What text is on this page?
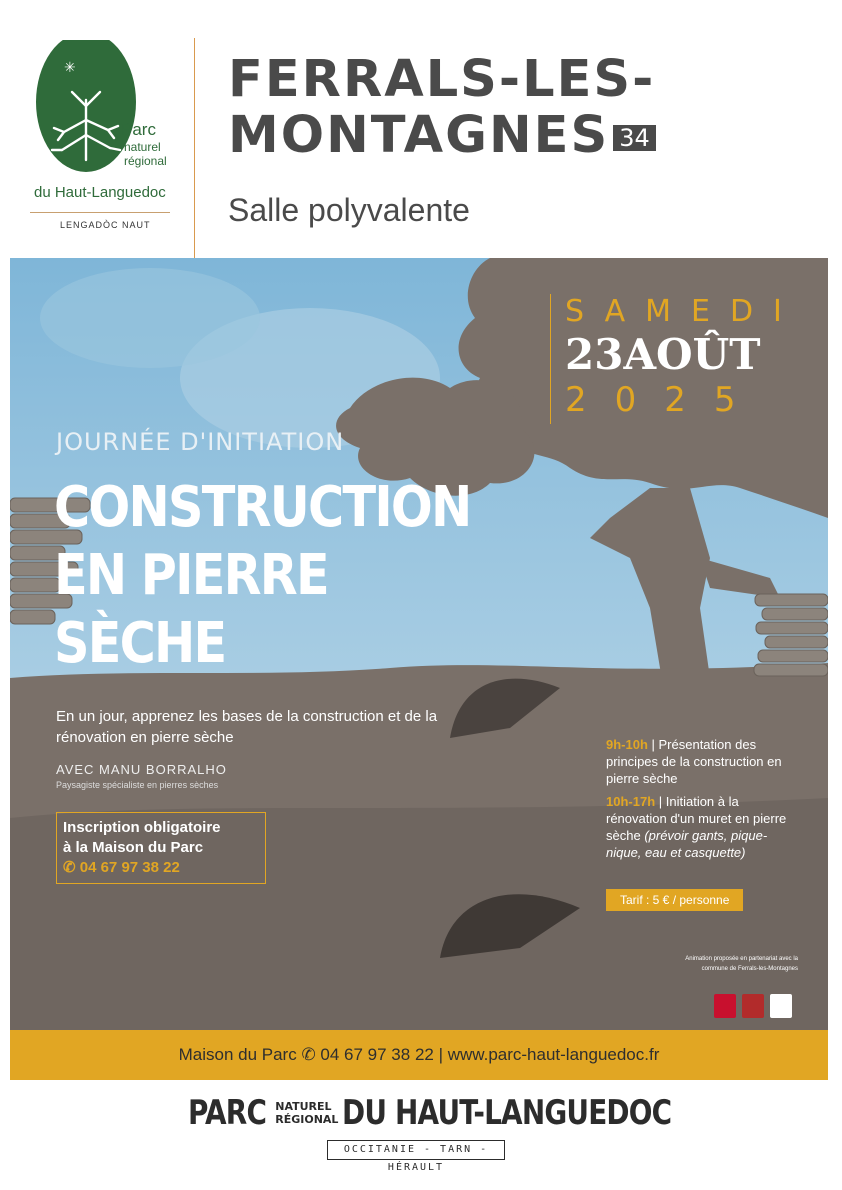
✳
Parc
naturel
régional
du Haut-Languedoc
LENGADÒC NAUT
FERRALS-LES-
MONTAGNES 34
Salle polyvalente
SAMEDI
23AOÛT
2025
JOURNÉE D'INITIATION
CONSTRUCTION
EN PIERRE
SÈCHE
En un jour, apprenez les bases de la construction et de la rénovation en pierre sèche
AVEC MANU BORRALHO
Paysagiste spécialiste en pierres sèches
Inscription obligatoire
à la Maison du Parc
✆ 04 67 97 38 22

9h-10h | Présentation des principes de la construction en pierre sèche

10h-17h | Initiation à la rénovation d'un muret en pierre sèche (prévoir gants, pique-nique, eau et casquette)

Tarif : 5 € / personne
Animation proposée en partenariat avec la commune de Ferrals-les-Montagnes
Maison du Parc ✆ 04 67 97 38 22 | www.parc-haut-languedoc.fr
PARC NATUREL
RÉGIONAL DU HAUT-LANGUEDOC
OCCITANIE - TARN - HÉRAULT
